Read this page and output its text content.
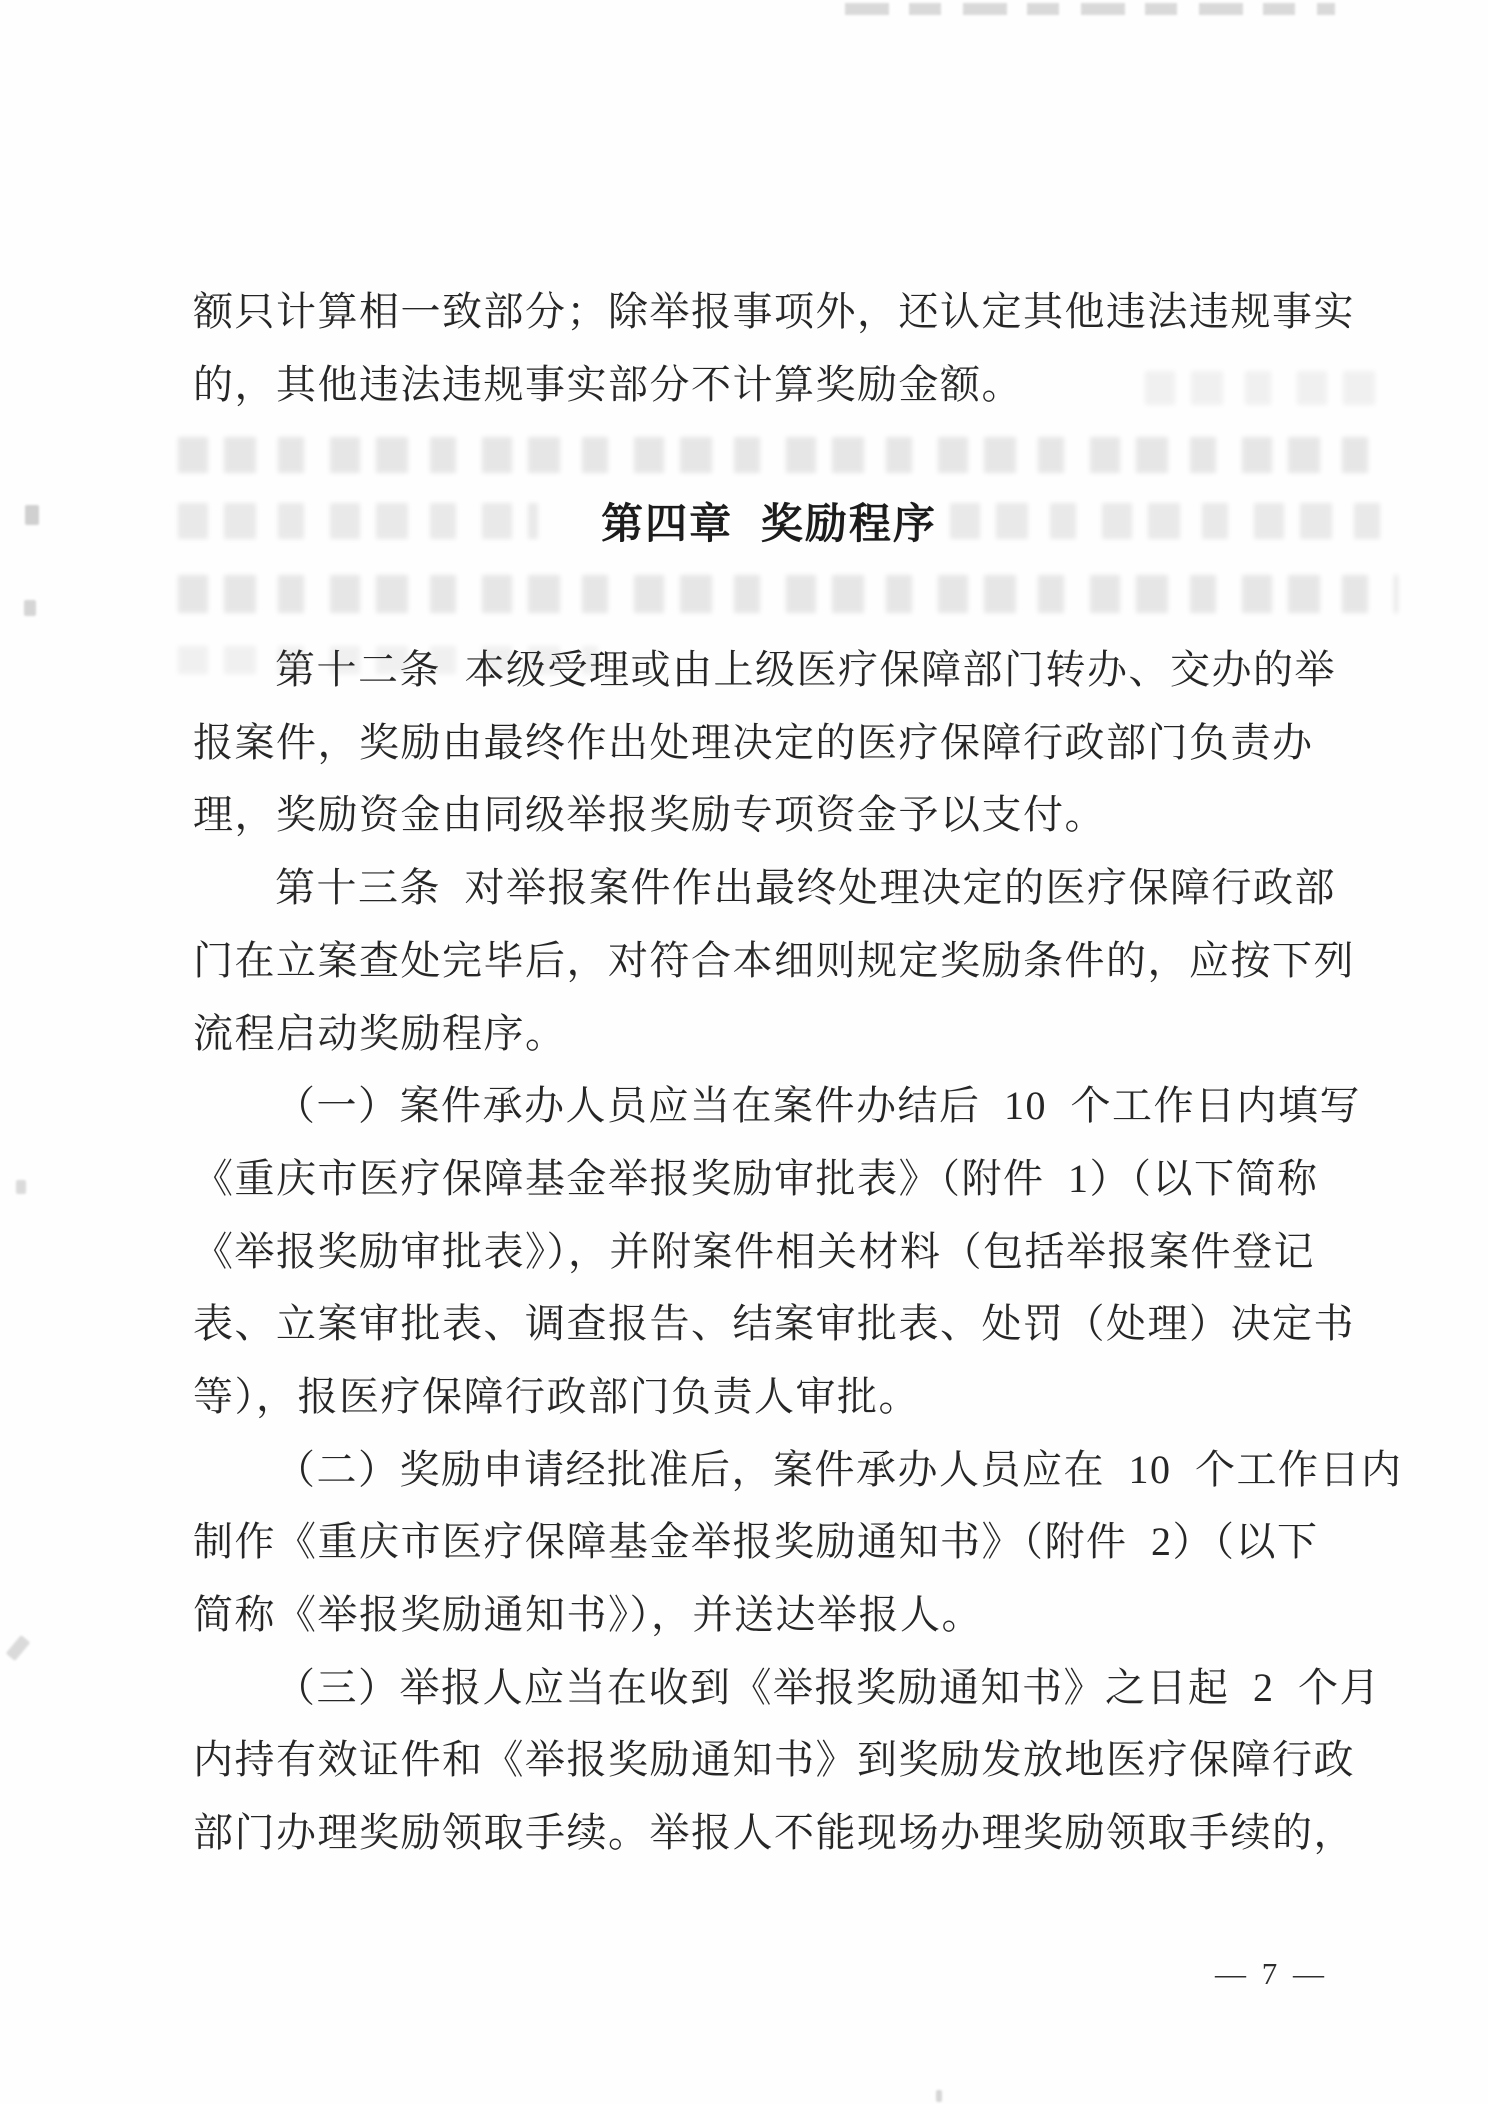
额只计算相一致部分；除举报事项外，还认定其他违法违规事实
的，其他违法违规事实部分不计算奖励金额。
第四章 奖励程序
第十二条 本级受理或由上级医疗保障部门转办、交办的举
报案件，奖励由最终作出处理决定的医疗保障行政部门负责办
理，奖励资金由同级举报奖励专项资金予以支付。
第十三条 对举报案件作出最终处理决定的医疗保障行政部
门在立案查处完毕后，对符合本细则规定奖励条件的，应按下列
流程启动奖励程序。
（一）案件承办人员应当在案件办结后 10 个工作日内填写
《重庆市医疗保障基金举报奖励审批表》（附件 1）（以下简称
《举报奖励审批表》），并附案件相关材料（包括举报案件登记
表、立案审批表、调查报告、结案审批表、处罚（处理）决定书
等），报医疗保障行政部门负责人审批。
（二）奖励申请经批准后，案件承办人员应在 10 个工作日内
制作《重庆市医疗保障基金举报奖励通知书》（附件 2）（以下
简称《举报奖励通知书》），并送达举报人。
（三）举报人应当在收到《举报奖励通知书》之日起 2 个月
内持有效证件和《举报奖励通知书》到奖励发放地医疗保障行政
部门办理奖励领取手续。举报人不能现场办理奖励领取手续的，
— 7 —
